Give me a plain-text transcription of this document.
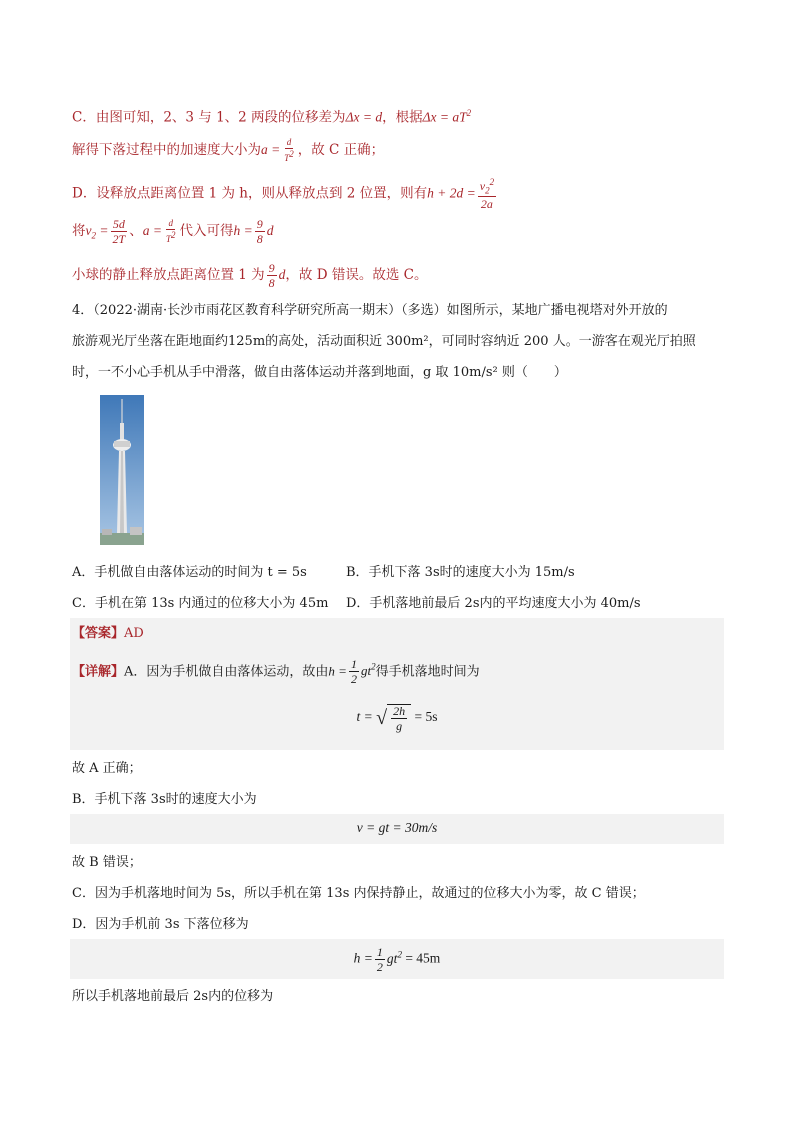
C．由图可知，2、3 与 1、2 两段的位移差为Δx = d，根据$\Delta x = aT^2$
解得下落过程中的加速度大小为$a = \frac{d}{T^2}$ ，故 C 正确；
D．设释放点距离位置 1 为 h，则从释放点到 2 位置，则有$h + 2d = \frac{v_2^2}{2a}$
将$v_2 = \frac{5d}{2T}$ 、$a = \frac{d}{T^2}$ 代入可得$h = \frac{9}{8}$ d
小球的静止释放点距离位置 1 为 $\frac{9}{8}$ d，故 D 错误。故选 C。
4．（2022·湖南·长沙市雨花区教育科学研究所高一期末）（多选）如图所示，某地广播电视塔对外开放的
旅游观光厅坐落在距地面约125m的高处，活动面积近 300m²，可同时容纳近 200 人。一游客在观光厅拍照
时，一不小心手机从手中滑落，做自由落体运动并落到地面，g 取 10m/s² 则（　　）
A．手机做自由落体运动的时间为 t = 5s	B．手机下落 3s时的速度大小为 15m/s
C．手机在第 13s 内通过的位移大小为 45m D．手机落地前最后 2s内的平均速度大小为 40m/s
【答案】AD
【详解】A．因为手机做自由落体运动，故由$h = \frac{1}{2} gt^2$得手机落地时间为
t = √ $\frac{2h}{g} = 5s$
故 A 正确；
B．手机下落 3s时的速度大小为
v = gt = 30m/s
故 B 错误；
C．因为手机落地时间为 5s，所以手机在第 13s 内保持静止，故通过的位移大小为零，故 C 错误；
D．因为手机前 3s 下落位移为
$h = \frac{1}{2} gt^2 = 45m$
所以手机落地前最后 2s内的位移为
